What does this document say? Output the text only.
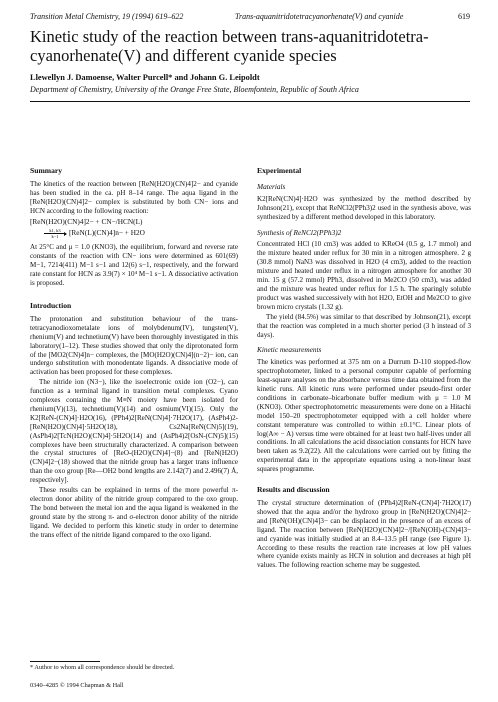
Transition Metal Chemistry, 19 (1994) 619–622	Trans-aquanitridotetracyanorhenate(V) and cyanide	619
Kinetic study of the reaction between trans-aquanitridotetra-cyanorhenate(V) and different cyanide species
Llewellyn J. Damoense, Walter Purcell* and Johann G. Leipoldt
Department of Chemistry, University of the Orange Free State, Bloemfontein, Republic of South Africa
Summary

The kinetics of the reaction between [ReN(H2O)(CN)4]2− and cyanide has been studied in the ca. pH 8–14 range. The aqua ligand in the [ReN(H2O)(CN)4]2− complex is substituted by both CN− ions and HCN according to the following reaction:

[ReN(H2O)(CN)4]2− + CN−/HCN(L)
k1, k3
k−1 [ReN(L)(CN)4]n− + H2O

At 25°C and μ = 1.0 (KNO3), the equilibrium, forward and reverse rate constants of the reaction with CN− ions were determined as 601(69) M−1, 7214(411) M−1 s−1 and 12(6) s−1, respectively, and the forward rate constant for HCN as 3.9(7) × 10⁴ M−1 s−1. A dissociative activation is proposed.

Introduction

The protonation and substitution behaviour of the trans-tetracyanodioxometalate ions of molybdenum(IV), tungsten(V), rhenium(V) and technetium(V) have been thoroughly investigated in this laboratory(1–12). These studies showed that only the diprotonated form of the [MO2(CN)4]n− complexes, the [MO(H2O)(CN)4](n−2)− ion, can undergo substitution with monodentate ligands. A dissociative mode of activation has been proposed for these complexes.

The nitride ion (N3−), like the isoelectronic oxide ion (O2−), can function as a terminal ligand in transition metal complexes. Cyano complexes containing the M≡N moiety have been isolated for rhenium(V)(13), technetium(V)(14) and osmium(VI)(15). Only the K2[ReN-(CN)4]·H2O(16), (PPh4)2[ReN(CN)4]·7H2O(17), (AsPh4)2-[ReN(H2O)(CN)4]·5H2O(18), Cs2Na[ReN(CN)5](19), (AsPh4)2[TcN(H2O)(CN)4]·5H2O(14) and (AsPh4)2[OsN-(CN)5](15) complexes have been structurally characterized. A comparison between the crystal structures of [ReO-(H2O)(CN)4]−(8) and [ReN(H2O)(CN)4]2−(18) showed that the nitride group has a larger trans influence than the oxo group [Re—OH2 bond lengths are 2.142(7) and 2.496(7) Å, respectively].

These results can be explained in terms of the more powerful π-electron donor ability of the nitride group compared to the oxo group. The bond between the metal ion and the aqua ligand is weakened in the ground state by the strong π- and σ-electron donor ability of the nitride ligand. We decided to perform this kinetic study in order to determine the trans effect of the nitride ligand compared to the oxo ligand.

* Author to whom all correspondence should be directed.
0340–4285 © 1994 Chapman & Hall
Experimental
Materials

K2[ReN(CN)4]·H2O was synthesized by the method described by Johnson(21), except that ReNCl2(PPh3)2 used in the synthesis above, was synthesized by a different method developed in this laboratory.

Synthesis of ReNCl2(PPh3)2

Concentrated HCl (10 cm3) was added to KReO4 (0.5 g, 1.7 mmol) and the mixture heated under reflux for 30 min in a nitrogen atmosphere. 2 g (30.8 mmol) NaN3 was dissolved in H2O (4 cm3), added to the reaction mixture and heated under reflux in a nitrogen atmosphere for another 30 min. 15 g (57.2 mmol) PPh3, dissolved in Me2CO (50 cm3), was added and the mixture was heated under reflux for 1.5 h. The sparingly soluble product was washed successively with hot H2O, EtOH and Me2CO to give brown micro crystals (1.32 g).

The yield (84.5%) was similar to that described by Johnson(21), except that the reaction was completed in a much shorter period (3 h instead of 3 days).

Kinetic measurements

The kinetics was performed at 375 nm on a Durrum D-110 stopped-flow spectrophotometer, linked to a personal computer capable of performing least-square analyses on the absorbance versus time data obtained from the kinetic runs. All kinetic runs were performed under pseudo-first order conditions in carbonate–bicarbonate buffer medium with μ = 1.0 M (KNO3). Other spectrophotometric measurements were done on a Hitachi model 150–20 spectrophotometer equipped with a cell holder where constant temperature was controlled to within ±0.1°C. Linear plots of log(A∞ − A) versus time were obtained for at least two half-lives under all conditions. In all calculations the acid dissociation constants for HCN have been taken as 9.2(22). All the calculations were carried out by fitting the experimental data in the appropriate equations using a non-linear least squares programme.

Results and discussion

The crystal structure determination of (PPh4)2[ReN-(CN)4]·7H2O(17) showed that the aqua and/or the hydroxo group in [ReN(H2O)(CN)4]2− and [ReN(OH)(CN)4]3− can be displaced in the presence of an excess of ligand. The reaction between [ReN(H2O)(CN)4]2−/[ReN(OH)-(CN)4]3− and cyanide was initially studied at an 8.4–13.5 pH range (see Figure 1). According to these results the reaction rate increases at low pH values where cyanide exists mainly as HCN in solution and decreases at high pH values. The following reaction scheme may be suggested.
